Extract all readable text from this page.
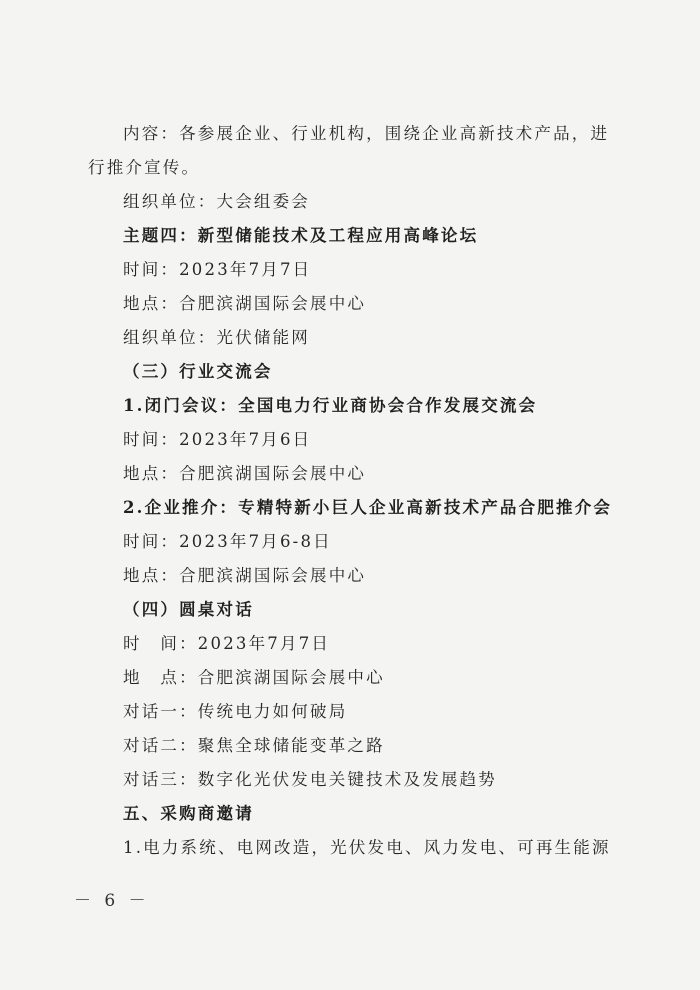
内容：各参展企业、行业机构，围绕企业高新技术产品，进
行推介宣传。
组织单位：大会组委会
主题四：新型储能技术及工程应用高峰论坛
时间：2023年7月7日
地点：合肥滨湖国际会展中心
组织单位：光伏储能网
（三）行业交流会
1.闭门会议：全国电力行业商协会合作发展交流会
时间：2023年7月6日
地点：合肥滨湖国际会展中心
2.企业推介：专精特新小巨人企业高新技术产品合肥推介会
时间：2023年7月6-8日
地点：合肥滨湖国际会展中心
（四）圆桌对话
时　间：2023年7月7日
地　点：合肥滨湖国际会展中心
对话一：传统电力如何破局
对话二：聚焦全球储能变革之路
对话三：数字化光伏发电关键技术及发展趋势
五、采购商邀请
1.电力系统、电网改造，光伏发电、风力发电、可再生能源
－ 6 －
